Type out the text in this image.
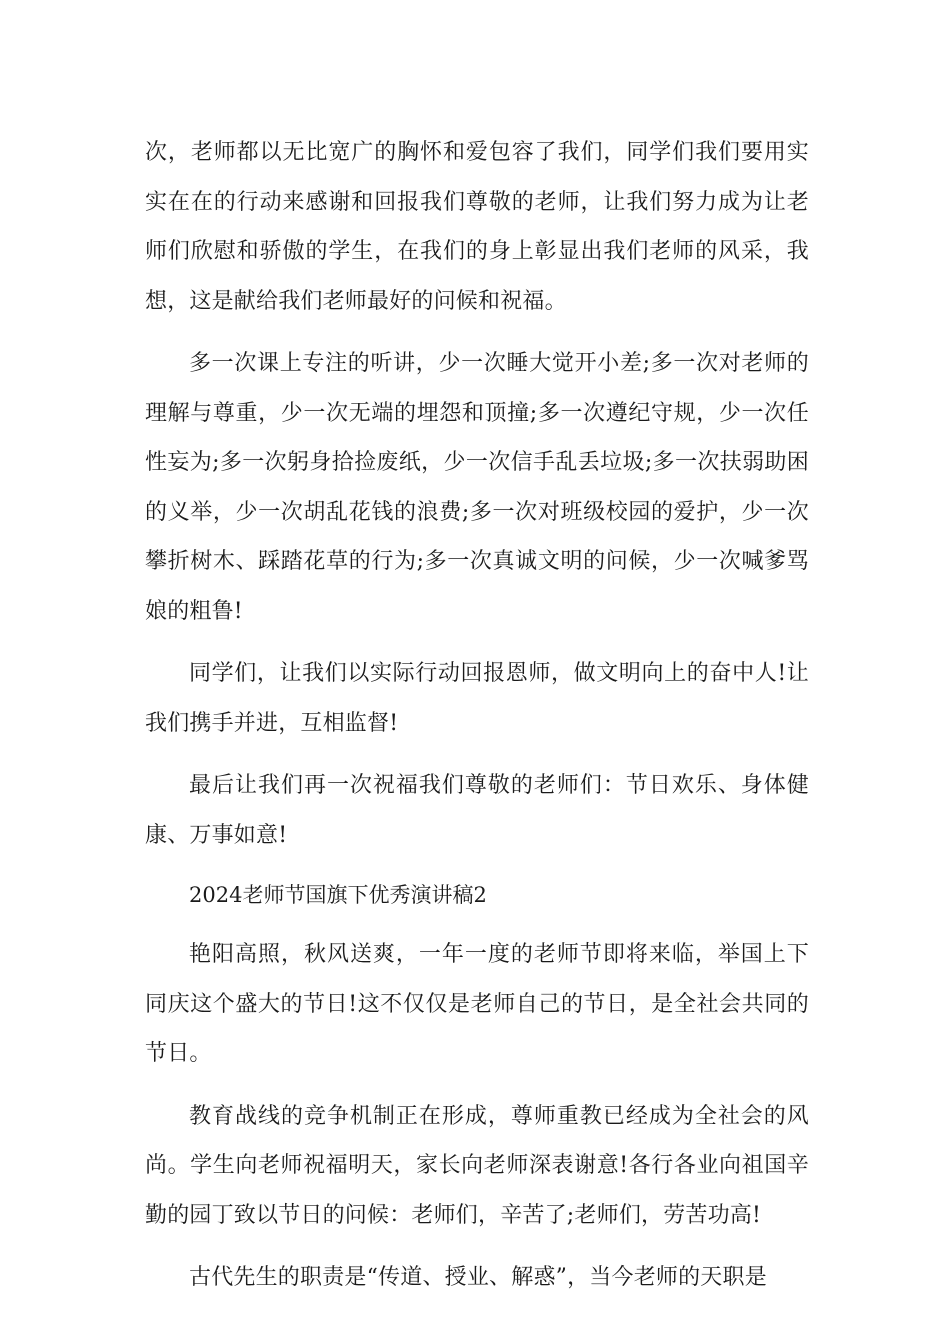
次，老师都以无比宽广的胸怀和爱包容了我们，同学们我们要用实实在在的行动来感谢和回报我们尊敬的老师，让我们努力成为让老师们欣慰和骄傲的学生，在我们的身上彰显出我们老师的风采，我想，这是献给我们老师最好的问候和祝福。

多一次课上专注的听讲，少一次睡大觉开小差;多一次对老师的理解与尊重，少一次无端的埋怨和顶撞;多一次遵纪守规，少一次任性妄为;多一次躬身拾捡废纸，少一次信手乱丢垃圾;多一次扶弱助困的义举，少一次胡乱花钱的浪费;多一次对班级校园的爱护，少一次攀折树木、踩踏花草的行为;多一次真诚文明的问候，少一次喊爹骂娘的粗鲁!

同学们，让我们以实际行动回报恩师，做文明向上的奋中人!让我们携手并进，互相监督!

最后让我们再一次祝福我们尊敬的老师们：节日欢乐、身体健康、万事如意!

2024老师节国旗下优秀演讲稿2

艳阳高照，秋风送爽，一年一度的老师节即将来临，举国上下同庆这个盛大的节日!这不仅仅是老师自己的节日，是全社会共同的节日。

教育战线的竞争机制正在形成，尊师重教已经成为全社会的风尚。学生向老师祝福明天，家长向老师深表谢意!各行各业向祖国辛勤的园丁致以节日的问候：老师们，辛苦了;老师们，劳苦功高!

古代先生的职责是“传道、授业、解惑”，当今老师的天职是
